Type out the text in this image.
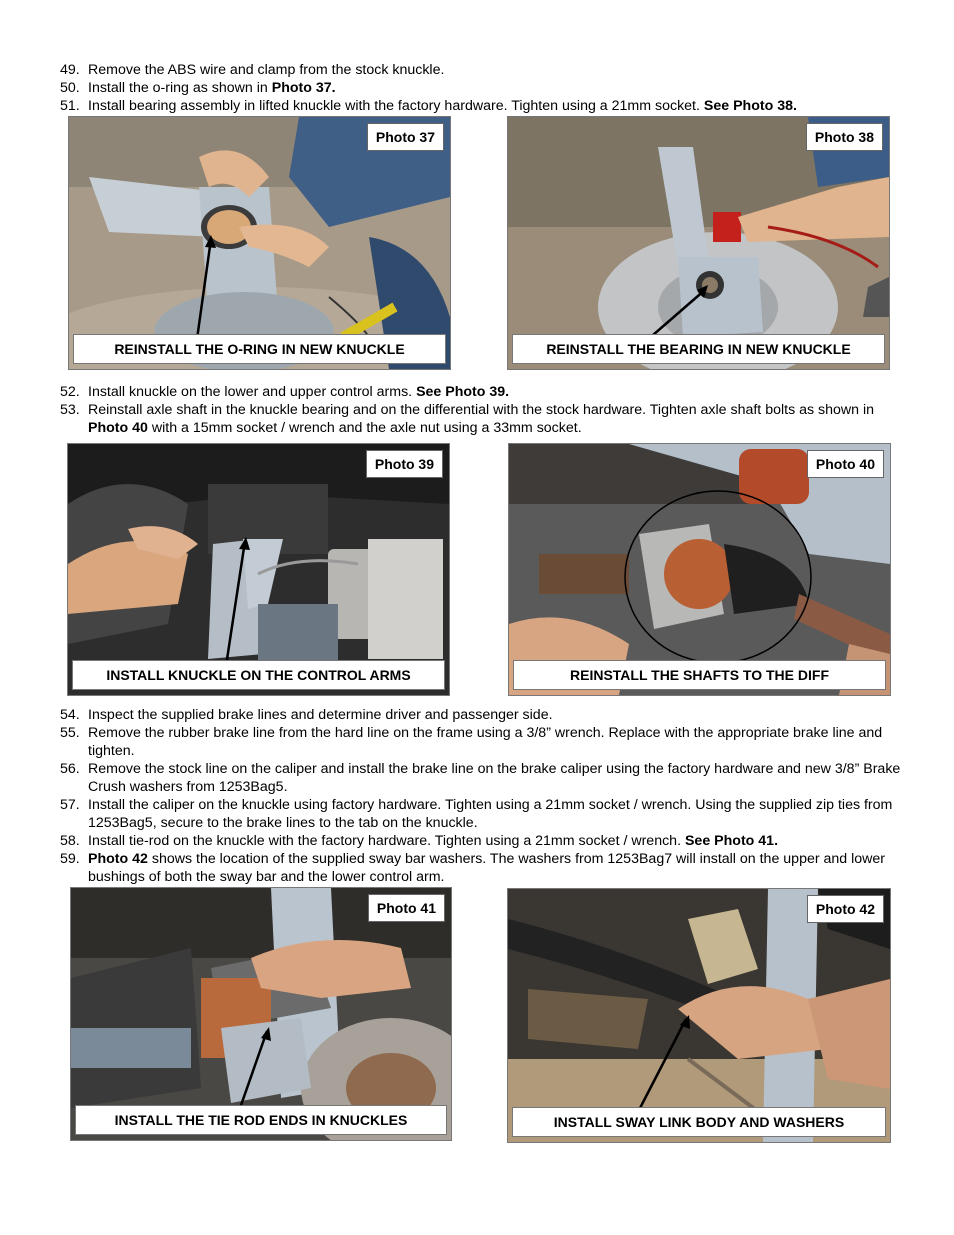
49. Remove the ABS wire and clamp from the stock knuckle.
50. Install the o-ring as shown in Photo 37.
51. Install bearing assembly in lifted knuckle with the factory hardware. Tighten using a 21mm socket. See Photo 38.
Photo 37
REINSTALL THE O-RING IN NEW KNUCKLE
Photo 38
REINSTALL THE BEARING IN NEW KNUCKLE
52. Install knuckle on the lower and upper control arms. See Photo 39.
53. Reinstall axle shaft in the knuckle bearing and on the differential with the stock hardware. Tighten axle shaft bolts as shown in Photo 40 with a 15mm socket / wrench and the axle nut using a 33mm socket.
Photo 39
INSTALL KNUCKLE ON THE CONTROL ARMS
Photo 40
REINSTALL THE SHAFTS TO THE DIFF
54. Inspect the supplied brake lines and determine driver and passenger side.
55. Remove the rubber brake line from the hard line on the frame using a 3/8” wrench. Replace with the appropriate brake line and tighten.
56. Remove the stock line on the caliper and install the brake line on the brake caliper using the factory hardware and new 3/8” Brake Crush washers from 1253Bag5.
57. Install the caliper on the knuckle using factory hardware. Tighten using a 21mm socket / wrench. Using the supplied zip ties from 1253Bag5, secure to the brake lines to the tab on the knuckle.
58. Install tie-rod on the knuckle with the factory hardware. Tighten using a 21mm socket / wrench. See Photo 41.
59. Photo 42 shows the location of the supplied sway bar washers. The washers from 1253Bag7 will install on the upper and lower bushings of both the sway bar and the lower control arm.
Photo 41
INSTALL THE TIE ROD ENDS IN KNUCKLES
Photo 42
INSTALL SWAY LINK BODY AND WASHERS
